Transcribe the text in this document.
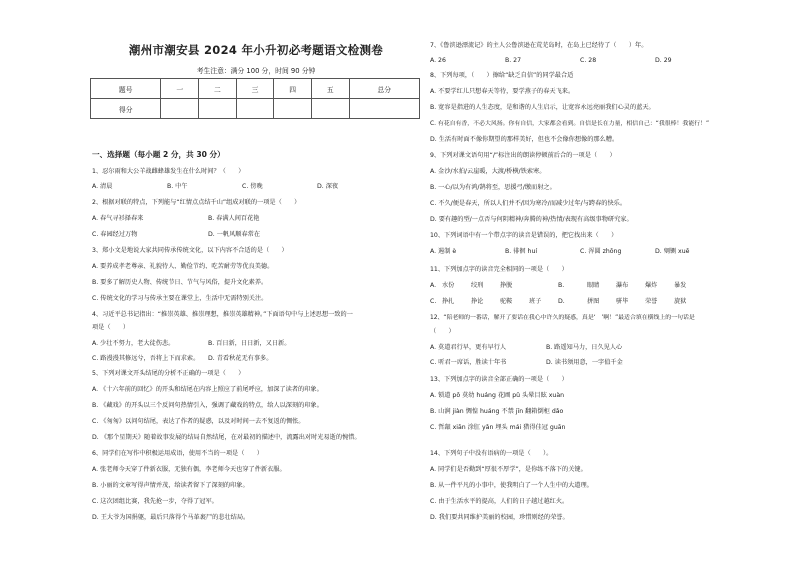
潮州市潮安县 2024 年小升初必考题语文检测卷
考生注意：满分 100 分，时间 90 分钟
题号	一	二	三	四	五	总分
得分						
一、选择题（每小题 2 分，共 30 分）
1、忍尔雨和大公羊战雌蜂雄发生在什么时间？（　　）
A. 清晨	B. 中午	C. 傍晚	D. 深夜
2、根据对联的特点，下列能与“红情点点结千山”组成对联的一项是（　　）
A. 春气寻衫择春来	B. 春满人间百花艳
C. 春园经过万物	D. 一帆风顺春常在
3、郑小文是地说大家共同传承传统文化，以下内容不合适的是（　　）
A. 要养成孝老尊亲、礼貌待人、勤俭节约、吃苦耐劳等优良美德。
B. 要多了解历史人物、传统节日、节气与风俗，提升文化素养。
C. 传统文化的学习与传承主要在课堂上，生活中无需特别关注。
4、习近平总书记指出：“推崇英雄、推崇理想，推崇英雄精神。”下面语句中与上述思想一致的一
项是（　　）
A. 少壮不努力，老大徒伤悲。	B. 百日新，日日新，又日新。
C. 路漫漫其修远兮，吾将上下而求索。 D. 青看秋花无有事多。
5、下列对课文开头结尾的分析不正确的一项是（　　）
A. 《十六年前的回忆》的开头和结尾在内容上照应了前尾呼应，加深了读者的印象。
B. 《藏戏》的开头以三个反问句热情引入，强调了藏戏的特点，给人以深刻的印象。
C. 《匆匆》以问句结尾，表达了作者的疑惑，以及对时间一去不复返的惆怅。
D. 《那个星期天》随着故事发展的结局自然结尾，在对最初的描述中，流露出对时光易逝的惋惜。
6、同学们在写作中积极运用成语，使用不当的一项是（　　）
A. 张老师今天穿了件新衣服，无独有偶，李老师今天也穿了件新衣服。
B. 小丽的文章写得声情并茂，给读者留下了深刻的印象。
C. 这次团组比赛，我先抢一步，夺得了冠军。
D. 王大爷为国捐躯，最后只落得个马革裹尸的悲壮结局。
7、《鲁滨逊漂流记》的主人公鲁滨逊在荒芜岛时，在岛上已经待了（　　）年。
A. 26	B. 27	C. 28	D. 29
8、下列每项，（　　）擦给“缺乏自信”的同学最合适
A. 不要学红儿只想春天等待，要学燕子的春天飞来。
B. 宽容是指进的人生态度，是和谐的人生启示，让宽容永远亮丽我们心灵的蓝天。
C. 有花自有香，不必大风扬。你有自信，大家都会看到。自信是长在力量，相信自己：“我很棒！我能行！”
D. 生活有时面不像你期望的那样美好，但也不会像你想像的那么糟。
9、下列对课文语句用“/”标注出的朗读停顿前后合的一项是（　　）
A. 金沙/水拍/云崖暖，大渡/桥横/铁索寒。
B. 一心/以为有鸿/鹄将至，思援弓/缴而射之。
C. 不久/便是春天，所以人们并不/因为寒冷/而减少过年/与跨春的快乐。
D. 要有趣的型/一点否与何阴精神/奔腾的神/热情/表现有高级事物研究家。
10、下列词语中有一个带点字的读音是错误的，把它找出来（　　）
A. 遏制 è	B. 徘徊 huí	C. 浑圆 zhōng	D. 剜铡 xuē
11、下列加点字的读音完全相同的一项是（　　）
A. 水份	绞刑	挣脱	B.	眼睛	瀑布	爆炸	暴发
C. 挣扎	挣论	驼鞍	班子	D.	拼图	骈毕	荣誉	旋狱
12、“陪老师的一番话，解开了要话在我心中许久的疑惑，真是‘　’啊！”最适合填在横线上的一句话是
（　　）
A. 莫道君行早，更有早行人	B. 路遥知马力，日久见人心
C. 听君一席话，胜读十年书	D. 读书须用意，一字值千金
13、下列加点字的读音全部正确的一项是（　　）
A. 锁道 pō 莫幼 huáng 花圃 pǔ 头晕目眩 xuàn
B. 山涧 jiàn 惆惶 huáng 不禁 jīn 翻箱倒柜 dǎo
C. 哲龈 xiān 涂肛 yǎn 埋头 mái 猎得佳冠 guān
14、下列句子中没有语病的一项是（　　）。
A. 同学们是否勤到“厚很不厚学”，是你练不落下的关键。
B. 从一件平凡的小事中，使我明白了一个人生中的大道理。
C. 由于生活水平的提高，人们的日子越过越红火。
D. 我们要共同维护美丽的校园，珍惜则经的荣誉。
